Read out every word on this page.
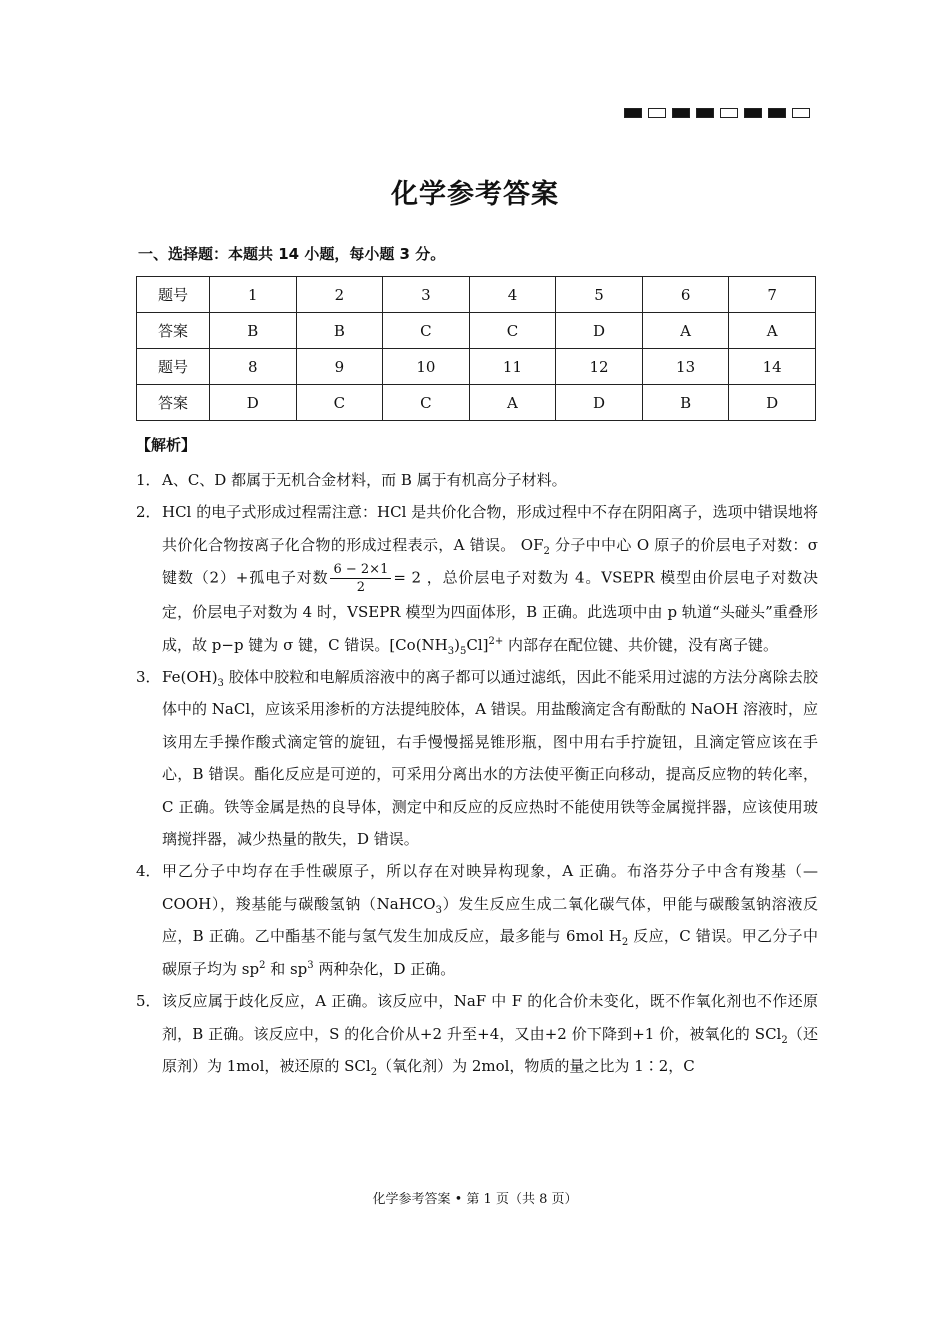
化学参考答案
一、选择题：本题共 14 小题，每小题 3 分。
题号	1	2	3	4	5	6	7
答案	B	B	C	C	D	A	A
题号	8	9	10	11	12	13	14
答案	D	C	C	A	D	B	D
【解析】
1． A、C、D 都属于无机合金材料，而 B 属于有机高分子材料。

2． HCl 的电子式形成过程需注意：HCl 是共价化合物，形成过程中不存在阴阳离子，选项中错误地将共价化合物按离子化合物的形成过程表示，A 错误。 $OF_2$ 分子中中心 O 原子的价层电子对数：σ 键数（2）+孤电子对数 $\frac{6 - 2\times 1}{2} = 2$ ，总价层电子对数为 4。VSEPR 模型由价层电子对数决定，价层电子对数为 4 时，VSEPR 模型为四面体形，B 正确。此选项中由 p 轨道“头碰头”重叠形成，故 p−p 键为 σ 键，C 错误。$[Co(NH_3)_5Cl]^{2+}$ 内部存在配位键、共价键，没有离子键。

3． $Fe(OH)_3$ 胶体中胶粒和电解质溶液中的离子都可以通过滤纸，因此不能采用过滤的方法分离除去胶体中的 NaCl，应该采用渗析的方法提纯胶体，A 错误。用盐酸滴定含有酚酞的 NaOH 溶液时，应该用左手操作酸式滴定管的旋钮，右手慢慢摇晃锥形瓶，图中用右手拧旋钮，且滴定管应该在手心，B 错误。酯化反应是可逆的，可采用分离出水的方法使平衡正向移动，提高反应物的转化率，C 正确。铁等金属是热的良导体，测定中和反应的反应热时不能使用铁等金属搅拌器，应该使用玻璃搅拌器，减少热量的散失，D 错误。

4． 甲乙分子中均存在手性碳原子，所以存在对映异构现象，A 正确。布洛芬分子中含有羧基（—COOH），羧基能与碳酸氢钠（NaHCO$_3$）发生反应生成二氧化碳气体，甲能与碳酸氢钠溶液反应，B 正确。乙中酯基不能与氢气发生加成反应，最多能与 6mol $H_2$ 反应，C 错误。甲乙分子中碳原子均为 $sp^2$ 和 $sp^3$ 两种杂化，D 正确。

5． 该反应属于歧化反应，A 正确。该反应中，NaF 中 F 的化合价未变化，既不作氧化剂也不作还原剂，B 正确。该反应中，S 的化合价从+2 升至+4，又由+2 价下降到+1 价，被氧化的 SCl$_2$（还原剂）为 1mol，被还原的 SCl$_2$（氧化剂）为 2mol，物质的量之比为 1∶2，C

化学参考答案 • 第 1 页（共 8 页）
